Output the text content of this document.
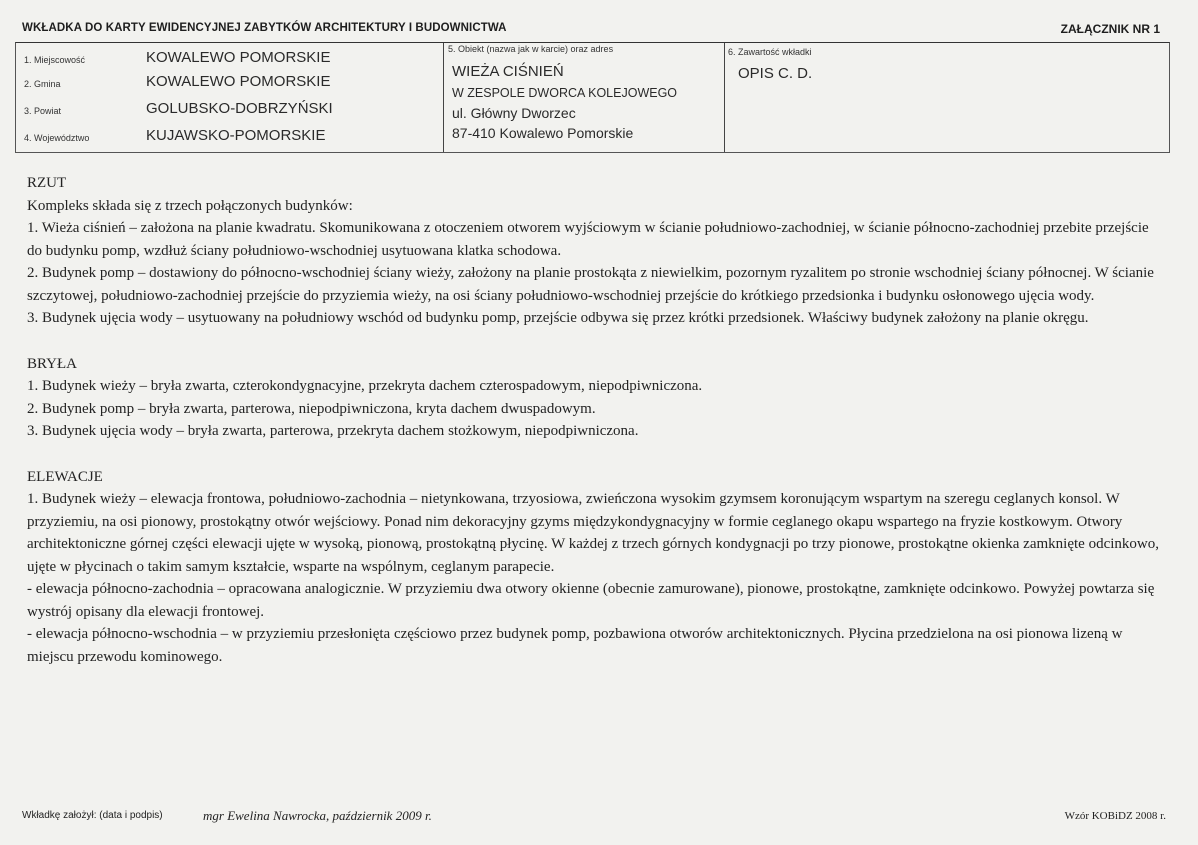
WKŁADKA DO KARTY EWIDENCYJNEJ ZABYTKÓW ARCHITEKTURY I BUDOWNICTWA	ZAŁĄCZNIK NR 1
1. Miejscowość	KOWALEWO POMORSKIE
2. Gmina	KOWALEWO POMORSKIE
3. Powiat	GOLUBSKO-DOBRZYŃSKI
4. Województwo	KUJAWSKO-POMORSKIE
5. Obiekt (nazwa jak w karcie) oraz adres
WIEŻA CIŚNIEŃ
W ZESPOLE DWORCA KOLEJOWEGO
ul. Główny Dworzec
87-410 Kowalewo Pomorskie
6. Zawartość wkładki
OPIS C. D.

RZUT

Kompleks składa się z trzech połączonych budynków:

1. Wieża ciśnień – założona na planie kwadratu. Skomunikowana z otoczeniem otworem wyjściowym w ścianie południowo-zachodniej, w ścianie północno-zachodniej przebite przejście do budynku pomp, wzdłuż ściany południowo-wschodniej usytuowana klatka schodowa.

2. Budynek pomp – dostawiony do północno-wschodniej ściany wieży, założony na planie prostokąta z niewielkim, pozornym ryzalitem po stronie wschodniej ściany północnej. W ścianie szczytowej, południowo-zachodniej przejście do przyziemia wieży, na osi ściany południowo-wschodniej przejście do krótkiego przedsionka i budynku osłonowego ujęcia wody.

3. Budynek ujęcia wody – usytuowany na południowy wschód od budynku pomp, przejście odbywa się przez krótki przedsionek. Właściwy budynek założony na planie okręgu.

BRYŁA

1. Budynek wieży – bryła zwarta, czterokondygnacyjne, przekryta dachem czterospadowym, niepodpiwniczona.

2. Budynek pomp – bryła zwarta, parterowa, niepodpiwniczona, kryta dachem dwuspadowym.

3. Budynek ujęcia wody – bryła zwarta, parterowa, przekryta dachem stożkowym, niepodpiwniczona.

ELEWACJE

1. Budynek wieży – elewacja frontowa, południowo-zachodnia – nietynkowana, trzyosiowa, zwieńczona wysokim gzymsem koronującym wspartym na szeregu ceglanych konsol. W przyziemiu, na osi pionowy, prostokątny otwór wejściowy. Ponad nim dekoracyjny gzyms międzykondygnacyjny w formie ceglanego okapu wspartego na fryzie kostkowym. Otwory architektoniczne górnej części elewacji ujęte w wysoką, pionową, prostokątną płycinę. W każdej z trzech górnych kondygnacji po trzy pionowe, prostokątne okienka zamknięte odcinkowo, ujęte w płycinach o takim samym kształcie, wsparte na wspólnym, ceglanym parapecie.

- elewacja północno-zachodnia – opracowana analogicznie. W przyziemiu dwa otwory okienne (obecnie zamurowane), pionowe, prostokątne, zamknięte odcinkowo. Powyżej powtarza się wystrój opisany dla elewacji frontowej.

- elewacja północno-wschodnia – w przyziemiu przesłonięta częściowo przez budynek pomp, pozbawiona otworów architektonicznych. Płycina przedzielona na osi pionowa lizeną w miejscu przewodu kominowego.

Wkładkę założył: (data i podpis)	mgr Ewelina Nawrocka, październik 2009 r.	Wzór KOBiDZ 2008 r.
